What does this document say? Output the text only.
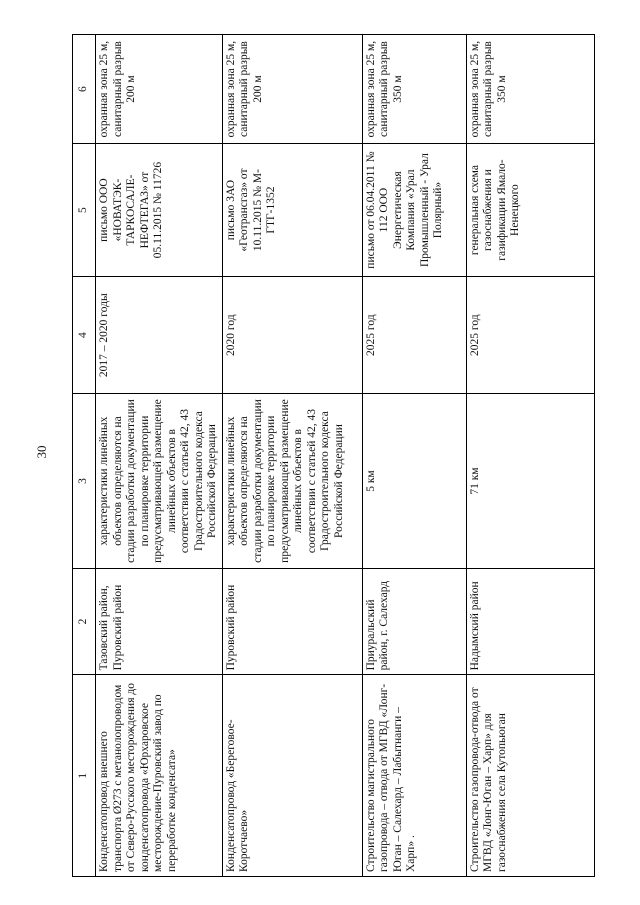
30
1	2	3	4	5	6
Конденсатопровод внешнего транспорта Ø273 с метанолопроводом от Северо-Русского месторождения до конденсатопровода «Юрхаровское месторождение-Пуровский завод по переработке конденсата»	Тазовский район, Пуровский район	характеристики линейных объектов определяются на стадии разработки документации по планировке территории предусматривающей размещение линейных объектов в соответствии с статьей 42, 43 Градостроительного кодекса Российской Федерации	2017 – 2020 годы	письмо ООО «НОВАТЭК-ТАРКОСАЛЕ-НЕФТЕГАЗ» от 05.11.2015 № 11726	охранная зона 25 м, санитарный разрыв 200 м
Конденсатопровод «Береговое-Коротчаево»	Пуровский район	характеристики линейных объектов определяются на стадии разработки документации по планировке территории предусматривающей размещение линейных объектов в соответствии с статьей 42, 43 Градостроительного кодекса Российской Федерации	2020 год	письмо ЗАО «Геотрансгаз» от 10.11.2015 № М-ГТГ-1352	охранная зона 25 м, санитарный разрыв 200 м
Строительство магистрального газопровода – отвода от МГВД «Лонг-Юган – Салехард – Лабытнанги – Харп» .	Приуральский район, г. Салехард	5 км	2025 год	письмо от 06.04.2011 № 112 ООО Энергетическая Компания «Урал Промышленный - Урал Полярный»	охранная зона 25 м, санитарный разрыв 350 м
Строительство газопровода-отвода от МГВД «Лонг-Юган – Харп» для газоснабжения села Кутопьюган	Надымский район	71 км	2025 год	генеральная схема газоснабжения и газификации Ямало-Ненецкого	охранная зона 25 м, санитарный разрыв 350 м
